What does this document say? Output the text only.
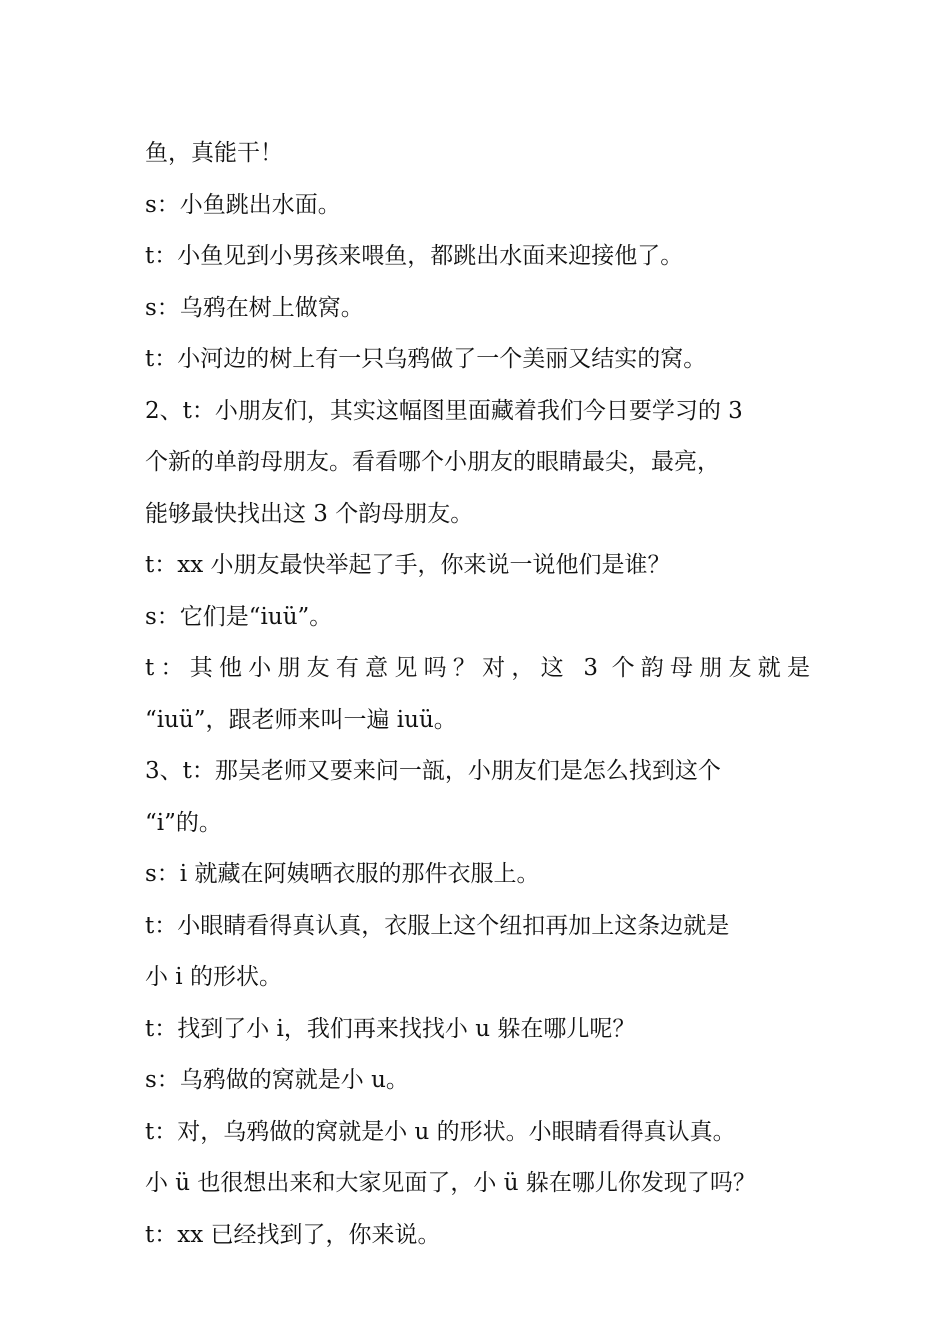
鱼，真能干！
s：小鱼跳出水面。
t：小鱼见到小男孩来喂鱼，都跳出水面来迎接他了。
s：乌鸦在树上做窝。
t：小河边的树上有一只乌鸦做了一个美丽又结实的窝。
2、t：小朋友们，其实这幅图里面藏着我们今日要学习的 3
个新的单韵母朋友。看看哪个小朋友的眼睛最尖，最亮，
能够最快找出这 3 个韵母朋友。
t：xx 小朋友最快举起了手，你来说一说他们是谁？
s：它们是“iuü”。
t：其他小朋友有意见吗？对，这 3 个韵母朋友就是
“iuü”，跟老师来叫一遍 iuü。
3、t：那吴老师又要来问一瓿，小朋友们是怎么找到这个
“i”的。
s：i 就藏在阿姨晒衣服的那件衣服上。
t：小眼睛看得真认真，衣服上这个纽扣再加上这条边就是
小 i 的形状。
t：找到了小 i，我们再来找找小 u 躲在哪儿呢？
s：乌鸦做的窝就是小 u。
t：对，乌鸦做的窝就是小 u 的形状。小眼睛看得真认真。
小 ü 也很想出来和大家见面了，小 ü 躲在哪儿你发现了吗？
t：xx 已经找到了，你来说。
